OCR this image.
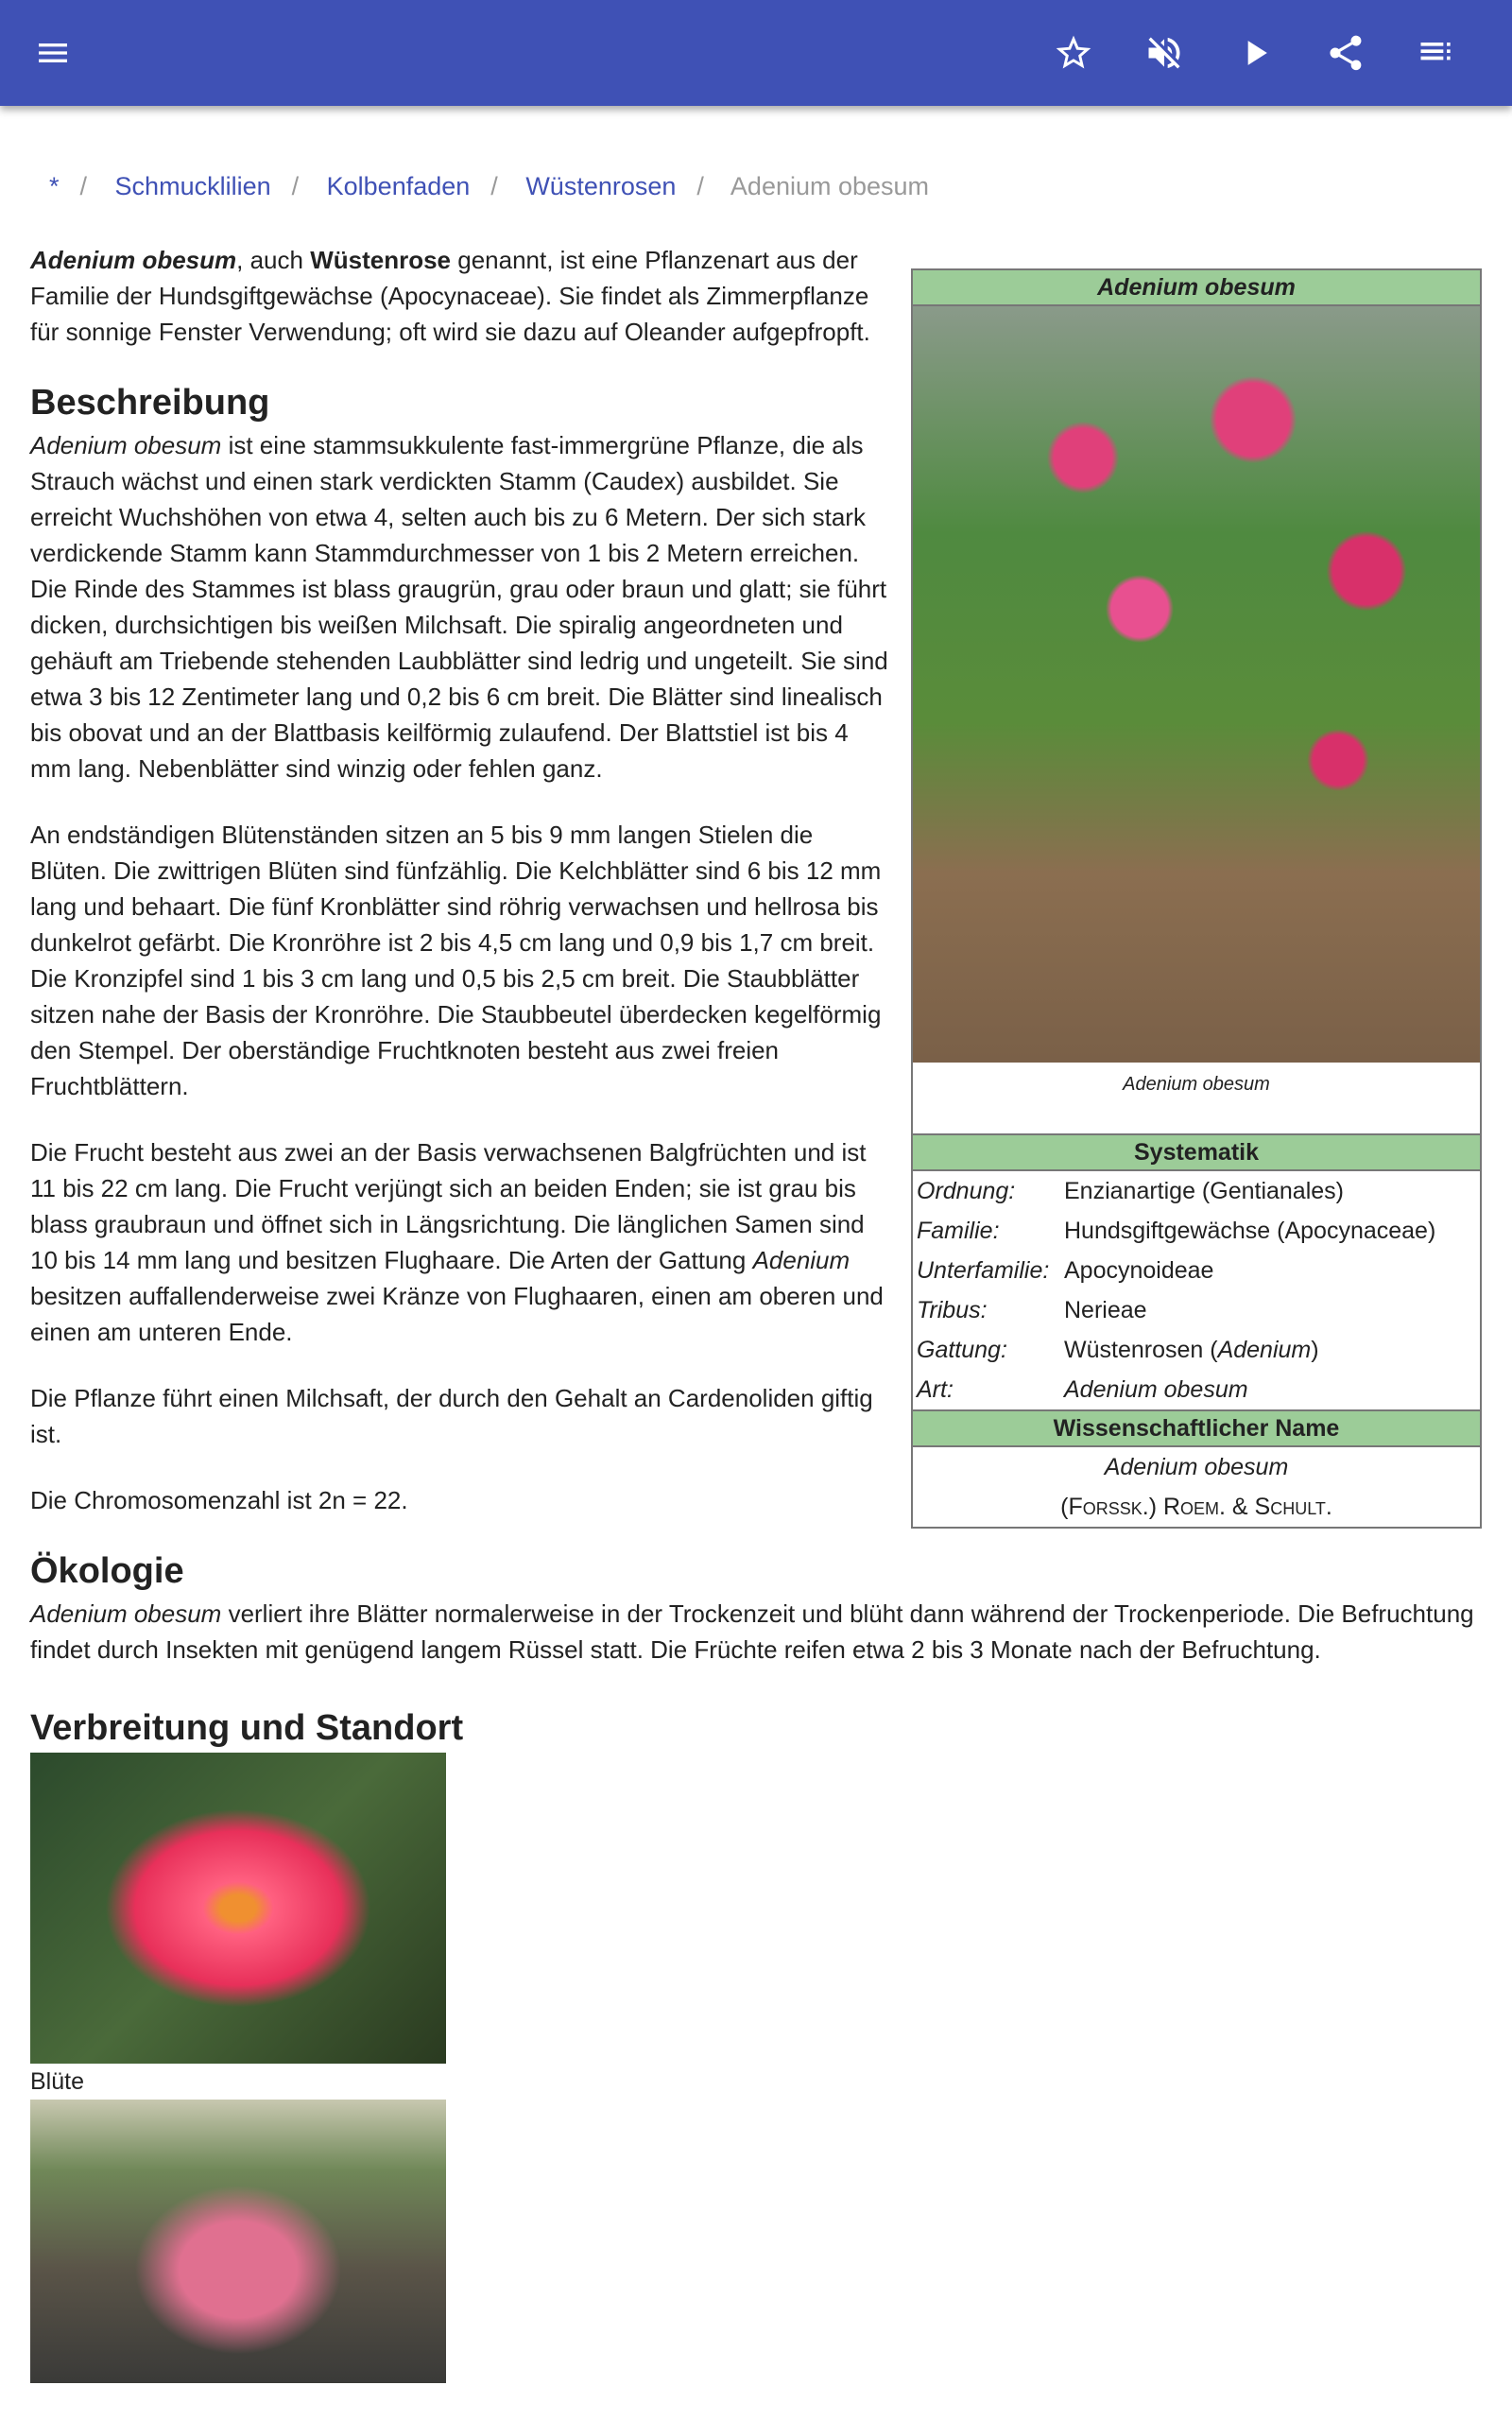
* / Schmucklilien / Kolbenfaden / Wüstenrosen / Adenium obesum
Adenium obesum
Adenium obesum
Systematik
Ordnung:	Enzianartige (Gentianales)
Familie:	Hundsgiftgewächse (Apocynaceae)
Unterfamilie: Apocynoideae
Tribus:	Nerieae
Gattung:	Wüstenrosen (Adenium)
Art:	Adenium obesum
Wissenschaftlicher Name
Adenium obesum
(Forssk.) Roem. & Schult.

Adenium obesum, auch Wüstenrose genannt, ist eine Pflanzenart aus der Familie der Hundsgiftgewächse (Apocynaceae). Sie findet als Zimmerpflanze für sonnige Fenster Verwendung; oft wird sie dazu auf Oleander aufgepfropft.

Beschreibung

Adenium obesum ist eine stammsukkulente fast-immergrüne Pflanze, die als Strauch wächst und einen stark verdickten Stamm (Caudex) ausbildet. Sie erreicht Wuchshöhen von etwa 4, selten auch bis zu 6 Metern. Der sich stark verdickende Stamm kann Stammdurchmesser von 1 bis 2 Metern erreichen. Die Rinde des Stammes ist blass graugrün, grau oder braun und glatt; sie führt dicken, durchsichtigen bis weißen Milchsaft. Die spiralig angeordneten und gehäuft am Triebende stehenden Laubblätter sind ledrig und ungeteilt. Sie sind etwa 3 bis 12 Zentimeter lang und 0,2 bis 6 cm breit. Die Blätter sind linealisch bis obovat und an der Blattbasis keilförmig zulaufend. Der Blattstiel ist bis 4 mm lang. Nebenblätter sind winzig oder fehlen ganz.

An endständigen Blütenständen sitzen an 5 bis 9 mm langen Stielen die Blüten. Die zwittrigen Blüten sind fünfzählig. Die Kelchblätter sind 6 bis 12 mm lang und behaart. Die fünf Kronblätter sind röhrig verwachsen und hellrosa bis dunkelrot gefärbt. Die Kronröhre ist 2 bis 4,5 cm lang und 0,9 bis 1,7 cm breit. Die Kronzipfel sind 1 bis 3 cm lang und 0,5 bis 2,5 cm breit. Die Staubblätter sitzen nahe der Basis der Kronröhre. Die Staubbeutel überdecken kegelförmig den Stempel. Der oberständige Fruchtknoten besteht aus zwei freien Fruchtblättern.

Die Frucht besteht aus zwei an der Basis verwachsenen Balgfrüchten und ist 11 bis 22 cm lang. Die Frucht verjüngt sich an beiden Enden; sie ist grau bis blass graubraun und öffnet sich in Längsrichtung. Die länglichen Samen sind 10 bis 14 mm lang und besitzen Flughaare. Die Arten der Gattung Adenium besitzen auffallenderweise zwei Kränze von Flughaaren, einen am oberen und einen am unteren Ende.

Die Pflanze führt einen Milchsaft, der durch den Gehalt an Cardenoliden giftig ist.

Die Chromosomenzahl ist 2n = 22.

Ökologie

Adenium obesum verliert ihre Blätter normalerweise in der Trockenzeit und blüht dann während der Trockenperiode. Die Befruchtung findet durch Insekten mit genügend langem Rüssel statt. Die Früchte reifen etwa 2 bis 3 Monate nach der Befruchtung.

Verbreitung und Standort
Blüte
